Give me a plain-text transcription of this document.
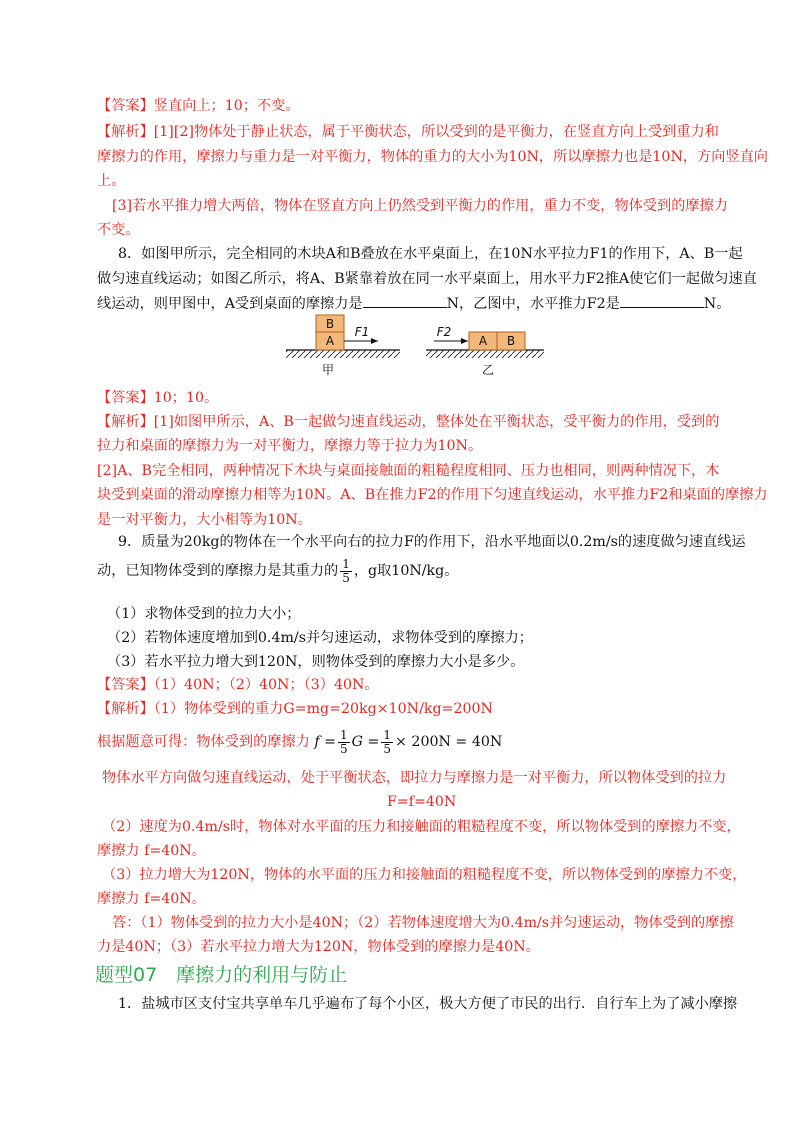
【答案】竖直向上；10；不变。
【解析】[1][2]物体处于静止状态，属于平衡状态，所以受到的是平衡力，在竖直方向上受到重力和
摩擦力的作用，摩擦力与重力是一对平衡力，物体的重力的大小为10N，所以摩擦力也是10N，方向竖直向
上。
[3]若水平推力增大两倍，物体在竖直方向上仍然受到平衡力的作用，重力不变，物体受到的摩擦力
不变。
8．如图甲所示，完全相同的木块A和B叠放在水平桌面上，在10N水平拉力F1的作用下，A、B一起
做匀速直线运动；如图乙所示，将A、B紧靠着放在同一水平桌面上，用水平力F2推A使它们一起做匀速直
线运动，则甲图中，A受到桌面的摩擦力是	N，乙图中，水平推力F2是	N。
B
A
F1
甲
F2
A B
乙
【答案】10；10。
【解析】[1]如图甲所示，A、B一起做匀速直线运动，整体处在平衡状态，受平衡力的作用，受到的
拉力和桌面的摩擦力为一对平衡力，摩擦力等于拉力为10N。
[2]A、B完全相同，两种情况下木块与桌面接触面的粗糙程度相同、压力也相同，则两种情况下，木
块受到桌面的滑动摩擦力相等为10N。A、B在推力F2的作用下匀速直线运动，水平推力F2和桌面的摩擦力
是一对平衡力，大小相等为10N。
9．质量为20kg的物体在一个水平向右的拉力F的作用下，沿水平地面以0.2m/s的速度做匀速直线运
动，已知物体受到的摩擦力是其重力的 $\frac{1}{5}$ ，g取10N/kg。
（1）求物体受到的拉力大小；
（2）若物体速度增加到0.4m/s并匀速运动，求物体受到的摩擦力；
（3）若水平拉力增大到120N，则物体受到的摩擦力大小是多少。
【答案】（1）40N；（2）40N；（3）40N。
【解析】（1）物体受到的重力G=mg=20kg×10N/kg=200N
根据题意可得：物体受到的摩擦力 $f = \frac{1}{5}$ $G = \frac{1}{5} \times 200N = 40N$
物体水平方向做匀速直线运动，处于平衡状态，即拉力与摩擦力是一对平衡力，所以物体受到的拉力
F=f=40N
（2）速度为0.4m/s时，物体对水平面的压力和接触面的粗糙程度不变，所以物体受到的摩擦力不变，
摩擦力 f=40N。
（3）拉力增大为120N，物体的水平面的压力和接触面的粗糙程度不变，所以物体受到的摩擦力不变，
摩擦力 f=40N。
答：（1）物体受到的拉力大小是40N；（2）若物体速度增大为0.4m/s并匀速运动，物体受到的摩擦
力是40N；（3）若水平拉力增大为120N，物体受到的摩擦力是40N。
题型07　摩擦力的利用与防止
1．盐城市区支付宝共享单车几乎遍布了每个小区，极大方便了市民的出行．自行车上为了减小摩擦
